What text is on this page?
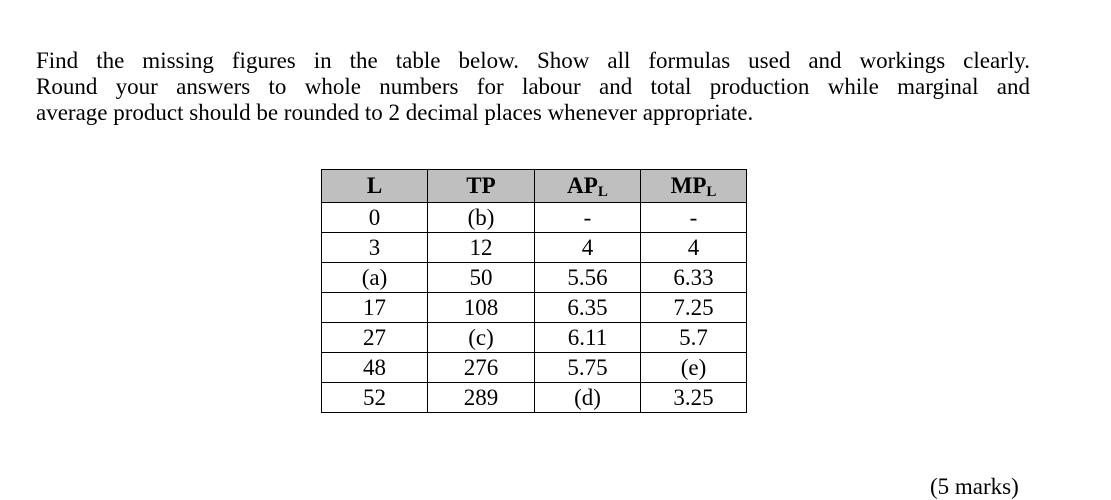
Find the missing figures in the table below. Show all formulas used and workings clearly.
Round your answers to whole numbers for labour and total production while marginal and
average product should be rounded to 2 decimal places whenever appropriate.

L	TP	$AP_L$	$MP_L$
0	(b)	-	-
3	12	4	4
(a)	50	5.56	6.33
17	108	6.35	7.25
27	(c)	6.11	5.7
48	276	5.75	(e)
52	289	(d)	3.25
(5 marks)
